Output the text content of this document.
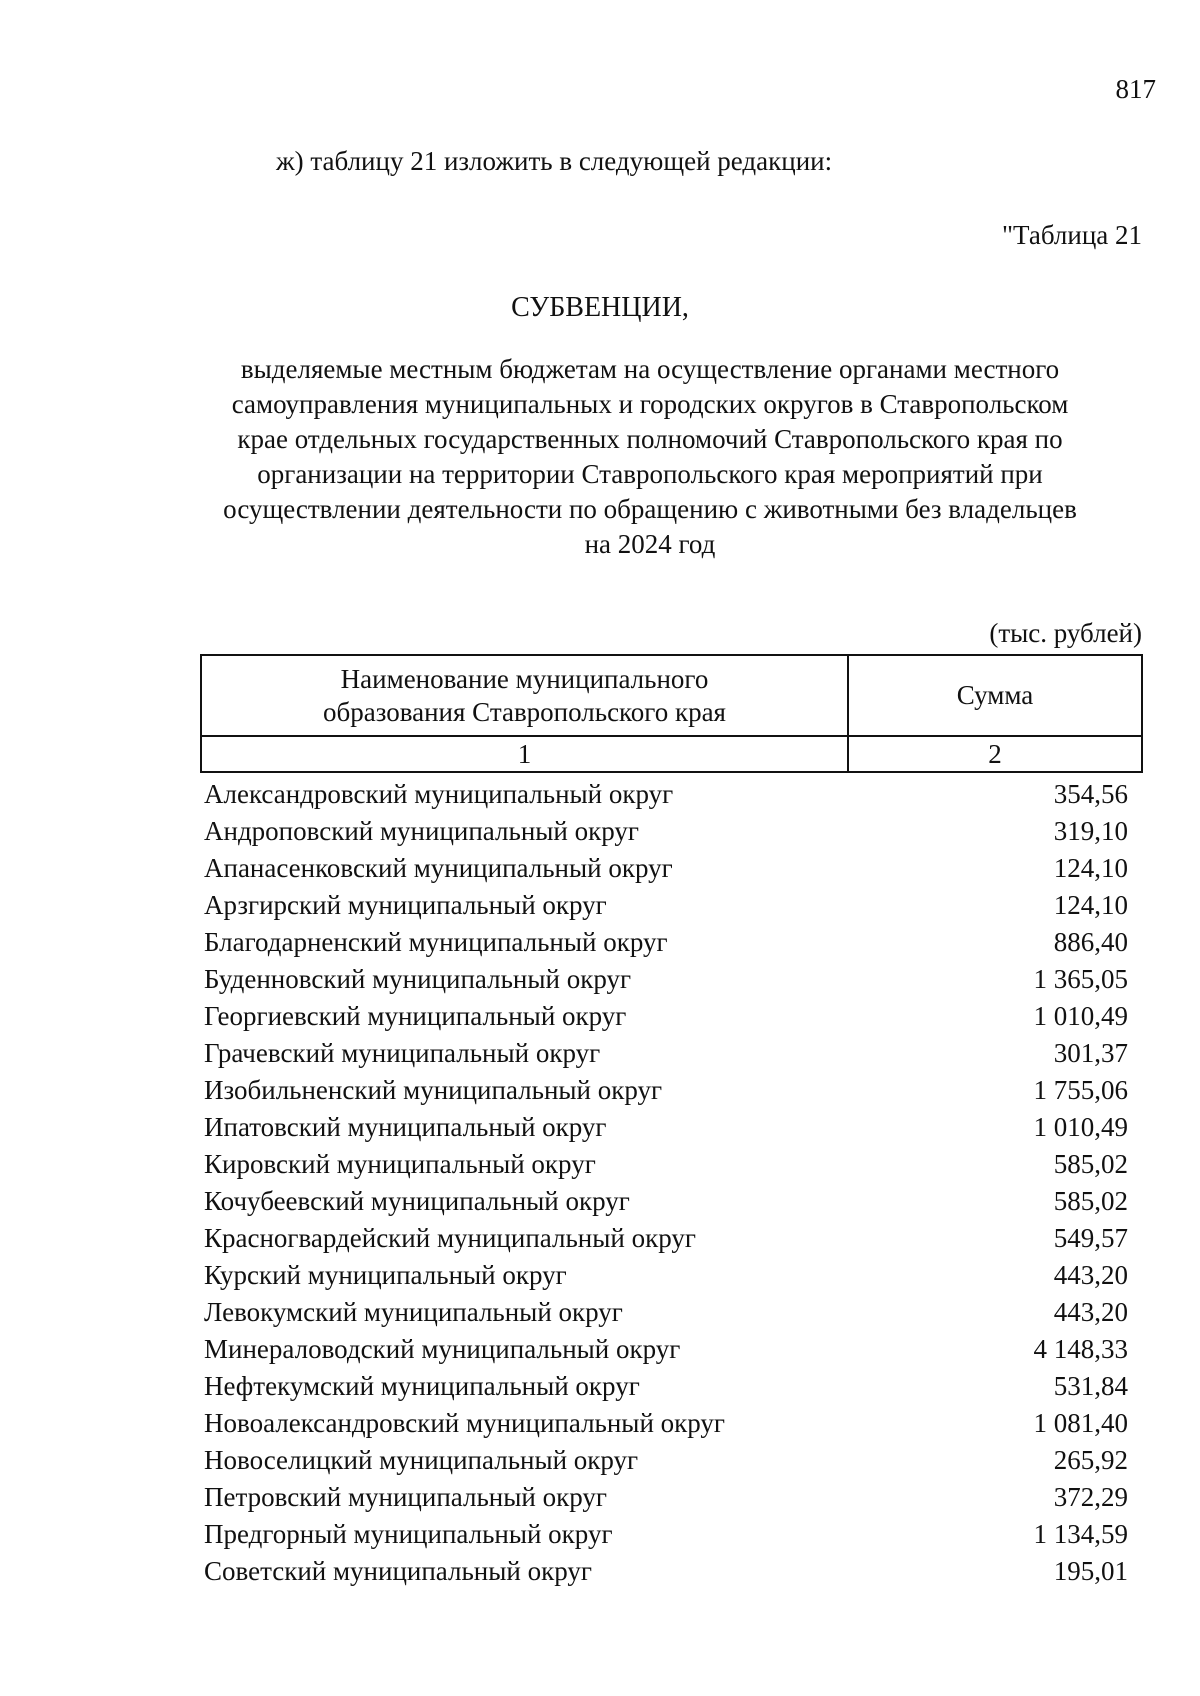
817
ж) таблицу 21 изложить в следующей редакции:
"Таблица 21
СУБВЕНЦИИ,
выделяемые местным бюджетам на осуществление органами местного
самоуправления муниципальных и городских округов в Ставропольском
крае отдельных государственных полномочий Ставропольского края по
организации на территории Ставропольского края мероприятий при
осуществлении деятельности по обращению с животными без владельцев
на 2024 год
(тыс. рублей)
Наименование муниципального
образования Ставропольского края	Сумма
1	2
Александровский муниципальный округ	354,56
Андроповский муниципальный округ	319,10
Апанасенковский муниципальный округ	124,10
Арзгирский муниципальный округ	124,10
Благодарненский муниципальный округ	886,40
Буденновский муниципальный округ	1 365,05
Георгиевский муниципальный округ	1 010,49
Грачевский муниципальный округ	301,37
Изобильненский муниципальный округ	1 755,06
Ипатовский муниципальный округ	1 010,49
Кировский муниципальный округ	585,02
Кочубеевский муниципальный округ	585,02
Красногвардейский муниципальный округ	549,57
Курский муниципальный округ	443,20
Левокумский муниципальный округ	443,20
Минераловодский муниципальный округ	4 148,33
Нефтекумский муниципальный округ	531,84
Новоалександровский муниципальный округ	1 081,40
Новоселицкий муниципальный округ	265,92
Петровский муниципальный округ	372,29
Предгорный муниципальный округ	1 134,59
Советский муниципальный округ	195,01
